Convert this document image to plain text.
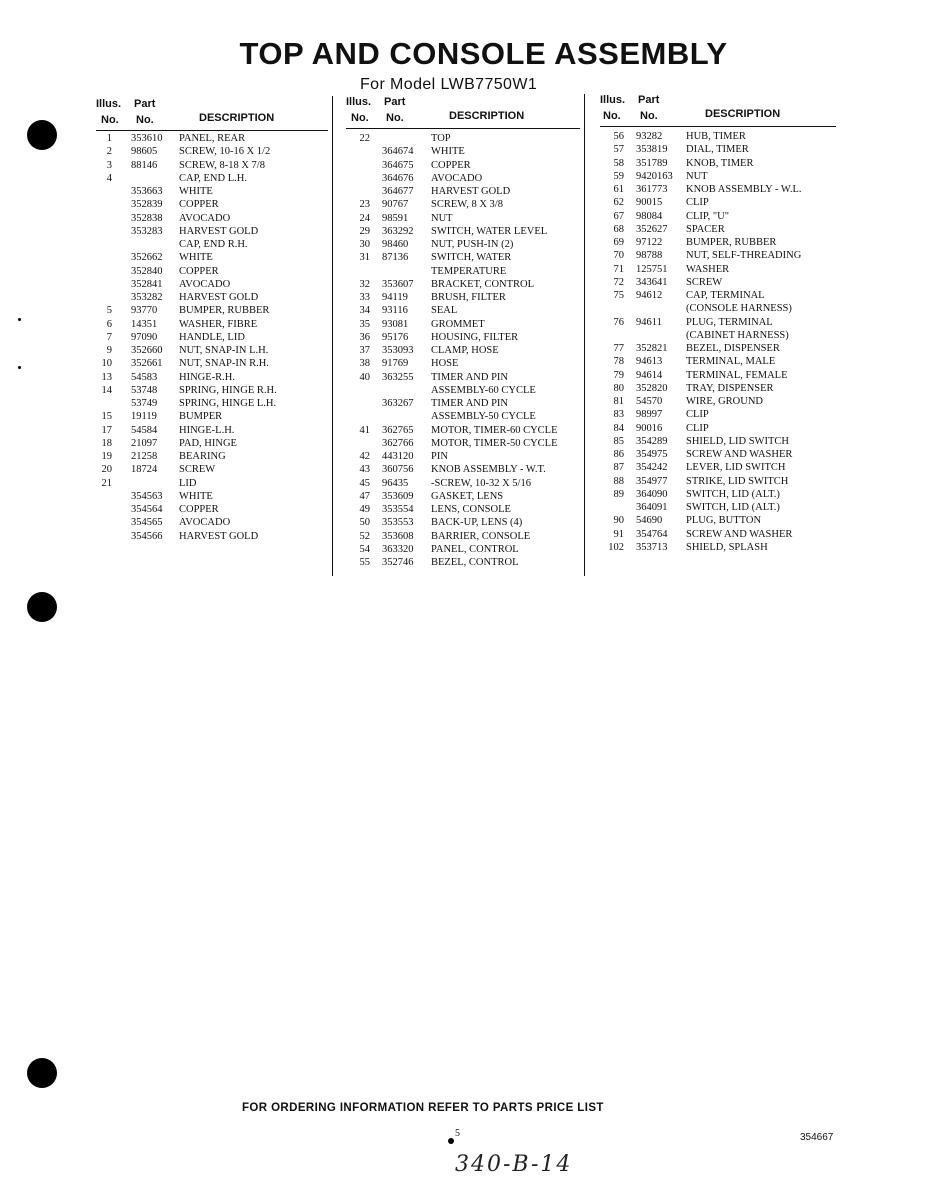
TOP AND CONSOLE ASSEMBLY
For Model LWB7750W1
Illus. Part
No. No.	DESCRIPTION
1 353610 PANEL, REAR
2 98605 SCREW, 10-16 X 1/2
3 88146 SCREW, 8-18 X 7/8
4	CAP, END L.H.
353663 WHITE
352839 COPPER
352838 AVOCADO
353283 HARVEST GOLD
CAP, END R.H.
352662 WHITE
352840 COPPER
352841 AVOCADO
353282 HARVEST GOLD
5 93770 BUMPER, RUBBER
6 14351 WASHER, FIBRE
7 97090 HANDLE, LID
9 352660 NUT, SNAP-IN L.H.
10 352661 NUT, SNAP-IN R.H.
13 54583 HINGE-R.H.
14 53748 SPRING, HINGE R.H.
53749 SPRING, HINGE L.H.
15 19119 BUMPER
17 54584 HINGE-L.H.
18 21097 PAD, HINGE
19 21258 BEARING
20 18724 SCREW
21	LID
354563 WHITE
354564 COPPER
354565 AVOCADO
354566 HARVEST GOLD
Illus. Part
No. No.	DESCRIPTION
22	TOP
364674 WHITE
364675 COPPER
364676 AVOCADO
364677 HARVEST GOLD
23 90767 SCREW, 8 X 3/8
24 98591 NUT
29 363292 SWITCH, WATER LEVEL
30 98460 NUT, PUSH-IN (2)
31 87136 SWITCH, WATER
TEMPERATURE
32 353607 BRACKET, CONTROL
33 94119 BRUSH, FILTER
34 93116 SEAL
35 93081 GROMMET
36 95176 HOUSING, FILTER
37 353093 CLAMP, HOSE
38 91769 HOSE
40 363255 TIMER AND PIN
ASSEMBLY-60 CYCLE
363267 TIMER AND PIN
ASSEMBLY-50 CYCLE
41 362765 MOTOR, TIMER-60 CYCLE
362766 MOTOR, TIMER-50 CYCLE
42 443120 PIN
43 360756 KNOB ASSEMBLY - W.T.
45 96435 -SCREW, 10-32 X 5/16
47 353609 GASKET, LENS
49 353554 LENS, CONSOLE
50 353553 BACK-UP, LENS (4)
52 353608 BARRIER, CONSOLE
54 363320 PANEL, CONTROL
55 352746 BEZEL, CONTROL
Illus. Part
No. No.	DESCRIPTION
56 93282 HUB, TIMER
57 353819 DIAL, TIMER
58 351789 KNOB, TIMER
59 9420163 NUT
61 361773 KNOB ASSEMBLY - W.L.
62 90015 CLIP
67 98084 CLIP, "U"
68 352627 SPACER
69 97122 BUMPER, RUBBER
70 98788 NUT, SELF-THREADING
71 125751 WASHER
72 343641 SCREW
75 94612 CAP, TERMINAL
(CONSOLE HARNESS)
76 94611 PLUG, TERMINAL
(CABINET HARNESS)
77 352821 BEZEL, DISPENSER
78 94613 TERMINAL, MALE
79 94614 TERMINAL, FEMALE
80 352820 TRAY, DISPENSER
81 54570 WIRE, GROUND
83 98997 CLIP
84 90016 CLIP
85 354289 SHIELD, LID SWITCH
86 354975 SCREW AND WASHER
87 354242 LEVER, LID SWITCH
88 354977 STRIKE, LID SWITCH
89 364090 SWITCH, LID (ALT.)
364091 SWITCH, LID (ALT.)
90 54690 PLUG, BUTTON
91 354764 SCREW AND WASHER
102 353713 SHIELD, SPLASH
FOR ORDERING INFORMATION REFER TO PARTS PRICE LIST
5	354667
340-B-14
